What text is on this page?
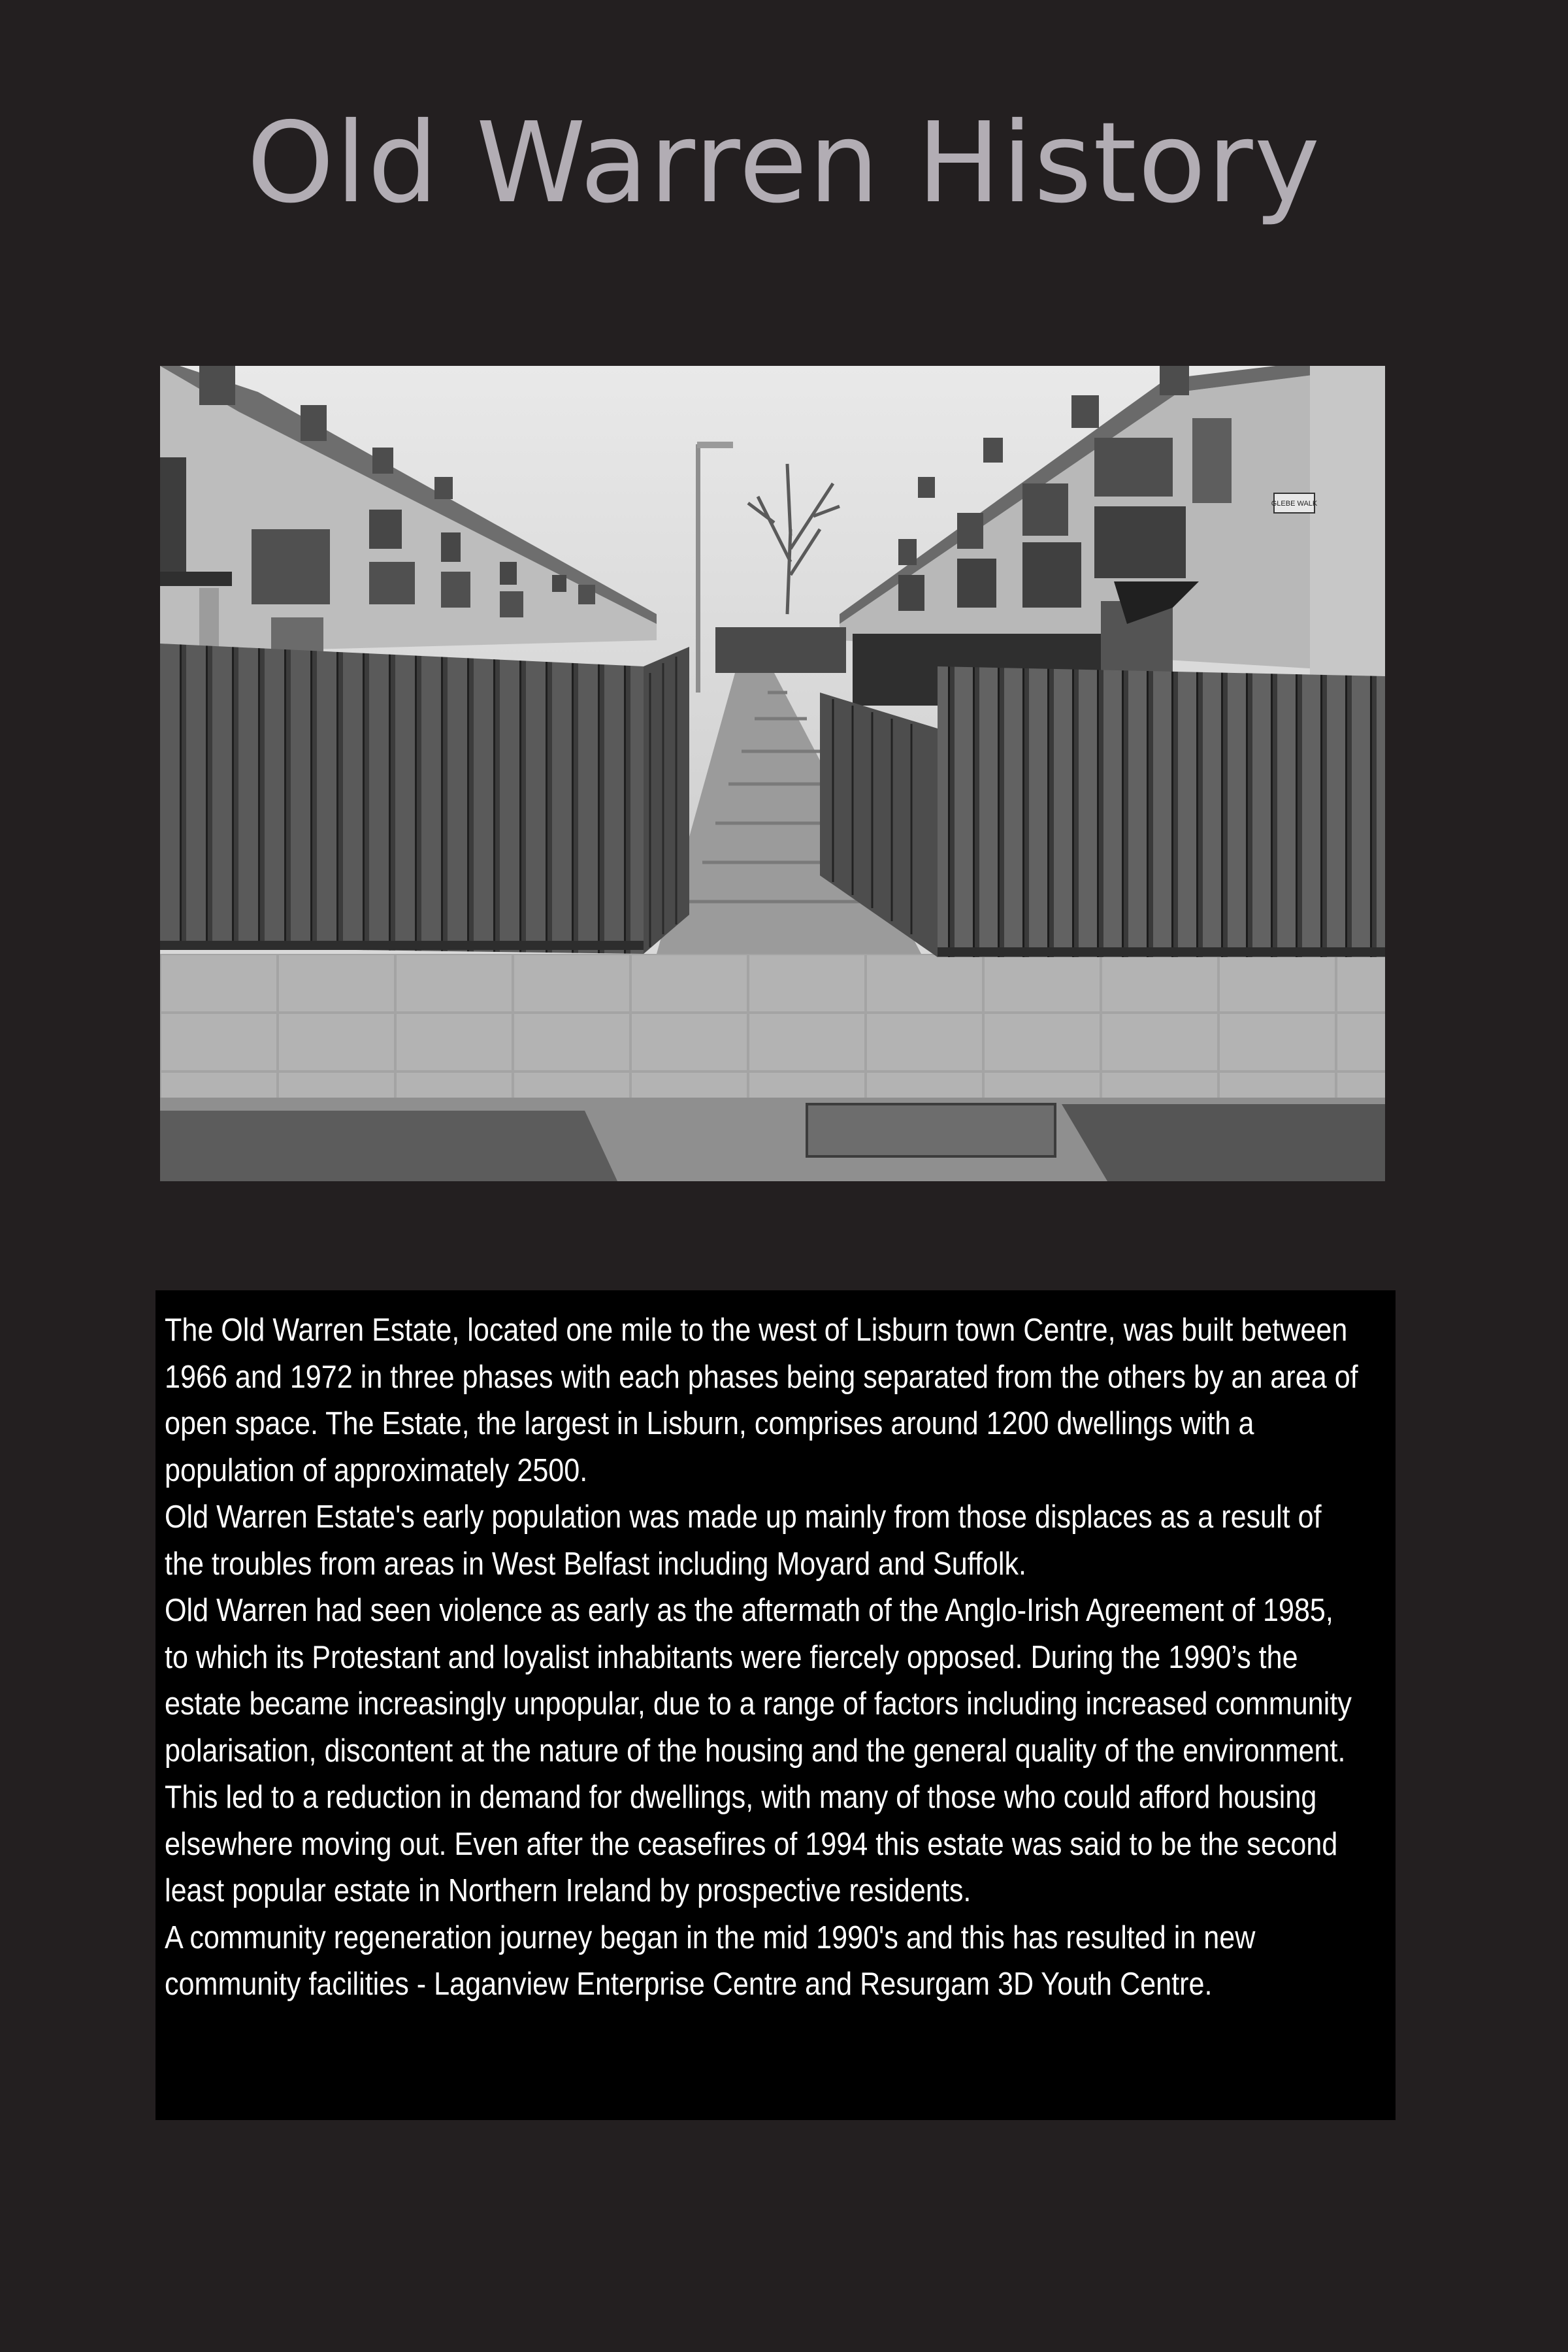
Old Warren History
GLEBE WALK

The Old Warren Estate, located one mile to the west of Lisburn town Centre, was built between 1966 and 1972 in three phases with each phases being separated from the others by an area of open space. The Estate, the largest in Lisburn, comprises around 1200 dwellings with a population of approximately 2500.

Old Warren Estate's early population was made up mainly from those displaces as a result of the troubles from areas in West Belfast including Moyard and Suffolk.

Old Warren had seen violence as early as the aftermath of the Anglo-Irish Agreement of 1985, to which its Protestant and loyalist inhabitants were fiercely opposed. During the 1990’s the estate became increasingly unpopular, due to a range of factors including increased community polarisation, discontent at the nature of the housing and the general quality of the environment. This led to a reduction in demand for dwellings, with many of those who could afford housing elsewhere moving out. Even after the ceasefires of 1994 this estate was said to be the second least popular estate in Northern Ireland by prospective residents.

A community regeneration journey began in the mid 1990's and this has resulted in new community facilities - Laganview Enterprise Centre and Resurgam 3D Youth Centre.
